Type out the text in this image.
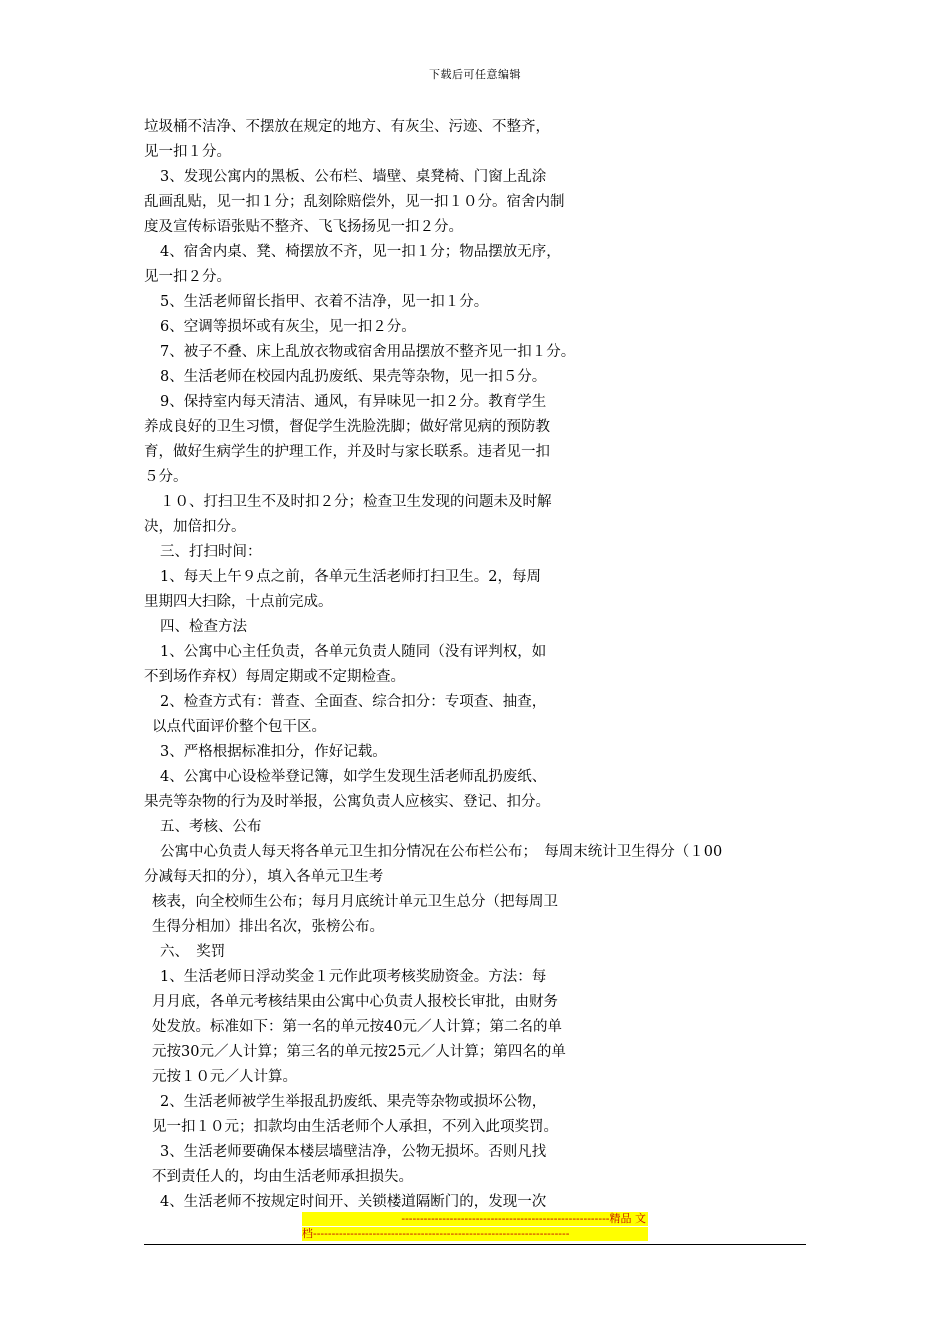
下载后可任意编辑
垃圾桶不洁净、不摆放在规定的地方、有灰尘、污迹、不整齐，
见一扣１分。
3、发现公寓内的黑板、公布栏、墙壁、桌凳椅、门窗上乱涂
乱画乱贴，见一扣１分；乱刻除赔偿外，见一扣１０分。宿舍内制
度及宣传标语张贴不整齐、飞飞扬扬见一扣２分。
4、宿舍内桌、凳、椅摆放不齐，见一扣１分；物品摆放无序，
见一扣２分。
5、生活老师留长指甲、衣着不洁净，见一扣１分。
6、空调等损坏或有灰尘，见一扣２分。
7、被子不叠、床上乱放衣物或宿舍用品摆放不整齐见一扣１分。
8、生活老师在校园内乱扔废纸、果壳等杂物，见一扣５分。
9、保持室内每天清洁、通风，有异味见一扣２分。教育学生
养成良好的卫生习惯，督促学生洗脸洗脚；做好常见病的预防教
育，做好生病学生的护理工作，并及时与家长联系。违者见一扣
５分。
１０、打扫卫生不及时扣２分；检查卫生发现的问题未及时解
决，加倍扣分。
三、打扫时间：
1、每天上午９点之前，各单元生活老师打扫卫生。2，每周
里期四大扫除，十点前完成。
四、检查方法
1、公寓中心主任负责，各单元负责人随同（没有评判权，如
不到场作弃权）每周定期或不定期检查。
2、检查方式有：普查、全面查、综合扣分：专项查、抽查，
以点代面评价整个包干区。
3、严格根据标准扣分，作好记载。
4、公寓中心设检举登记簿，如学生发现生活老师乱扔废纸、
果壳等杂物的行为及时举报，公寓负责人应核实、登记、扣分。
五、考核、公布
公寓中心负责人每天将各单元卫生扣分情况在公布栏公布；　每周末统计卫生得分（１00
分减每天扣的分），填入各单元卫生考
核表，向全校师生公布；每月月底统计单元卫生总分（把每周卫
生得分相加）排出名次，张榜公布。
六、　奖罚
1、生活老师日浮动奖金１元作此项考核奖励资金。方法：每
月月底，各单元考核结果由公寓中心负责人报校长审批，由财务
处发放。标准如下：第一名的单元按40元／人计算；第二名的单
元按30元／人计算；第三名的单元按25元／人计算；第四名的单
元按１０元／人计算。
2、生活老师被学生举报乱扔废纸、果壳等杂物或损坏公物，
见一扣１０元；扣款均由生活老师个人承担，不列入此项奖罚。
3、生活老师要确保本楼层墙壁洁净，公物无损坏。否则凡找
不到责任人的，均由生活老师承担损失。
4、生活老师不按规定时间开、关锁楼道隔断门的，发现一次
--------------------------------------------------------精品 文
档---------------------------------------------------------------------
